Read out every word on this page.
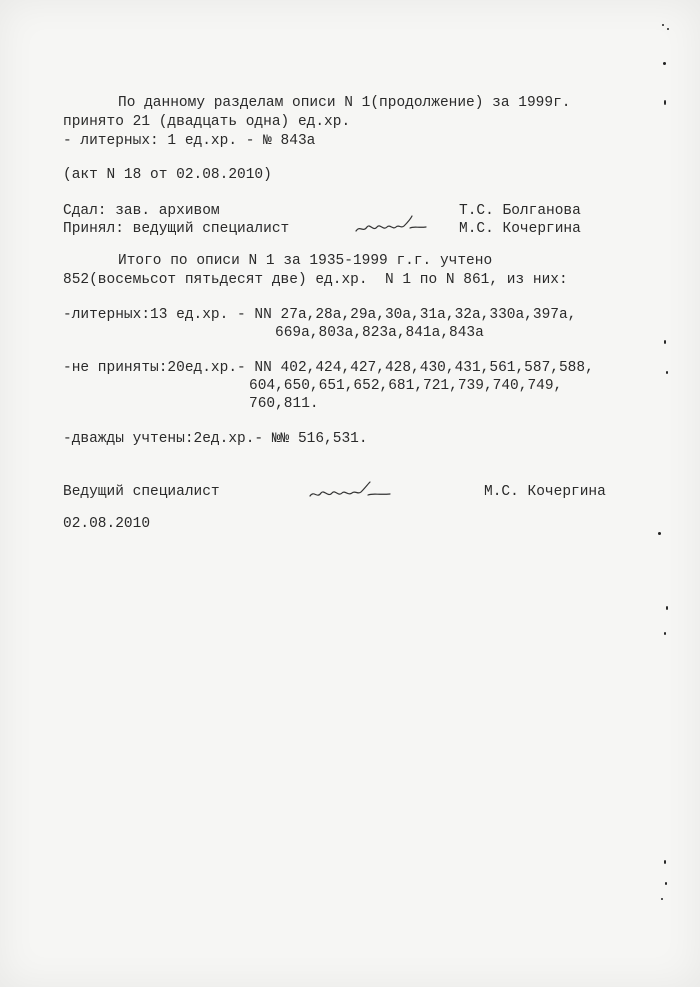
По данному разделам описи N 1(продолжение) за 1999г.
принято 21 (двадцать одна) ед.хр.
- литерных: 1 ед.хр. - № 843а
(акт N 18 от 02.08.2010)
Сдал: зав. архивом	Т.С. Болганова
Принял: ведущий специалист	М.С. Кочергина
Итого по описи N 1 за 1935-1999 г.г. учтено
852(восемьсот пятьдесят две) ед.хр.  N 1 по N 861, из них:
-литерных:13 ед.хр. - NN 27а,28а,29а,30а,31а,32а,330а,397а,
669а,803а,823а,841а,843а
-не приняты:20ед.хр.- NN 402,424,427,428,430,431,561,587,588,
604,650,651,652,681,721,739,740,749,
760,811.
-дважды учтены:2ед.хр.- №№ 516,531.
Ведущий специалист	М.С. Кочергина
02.08.2010
